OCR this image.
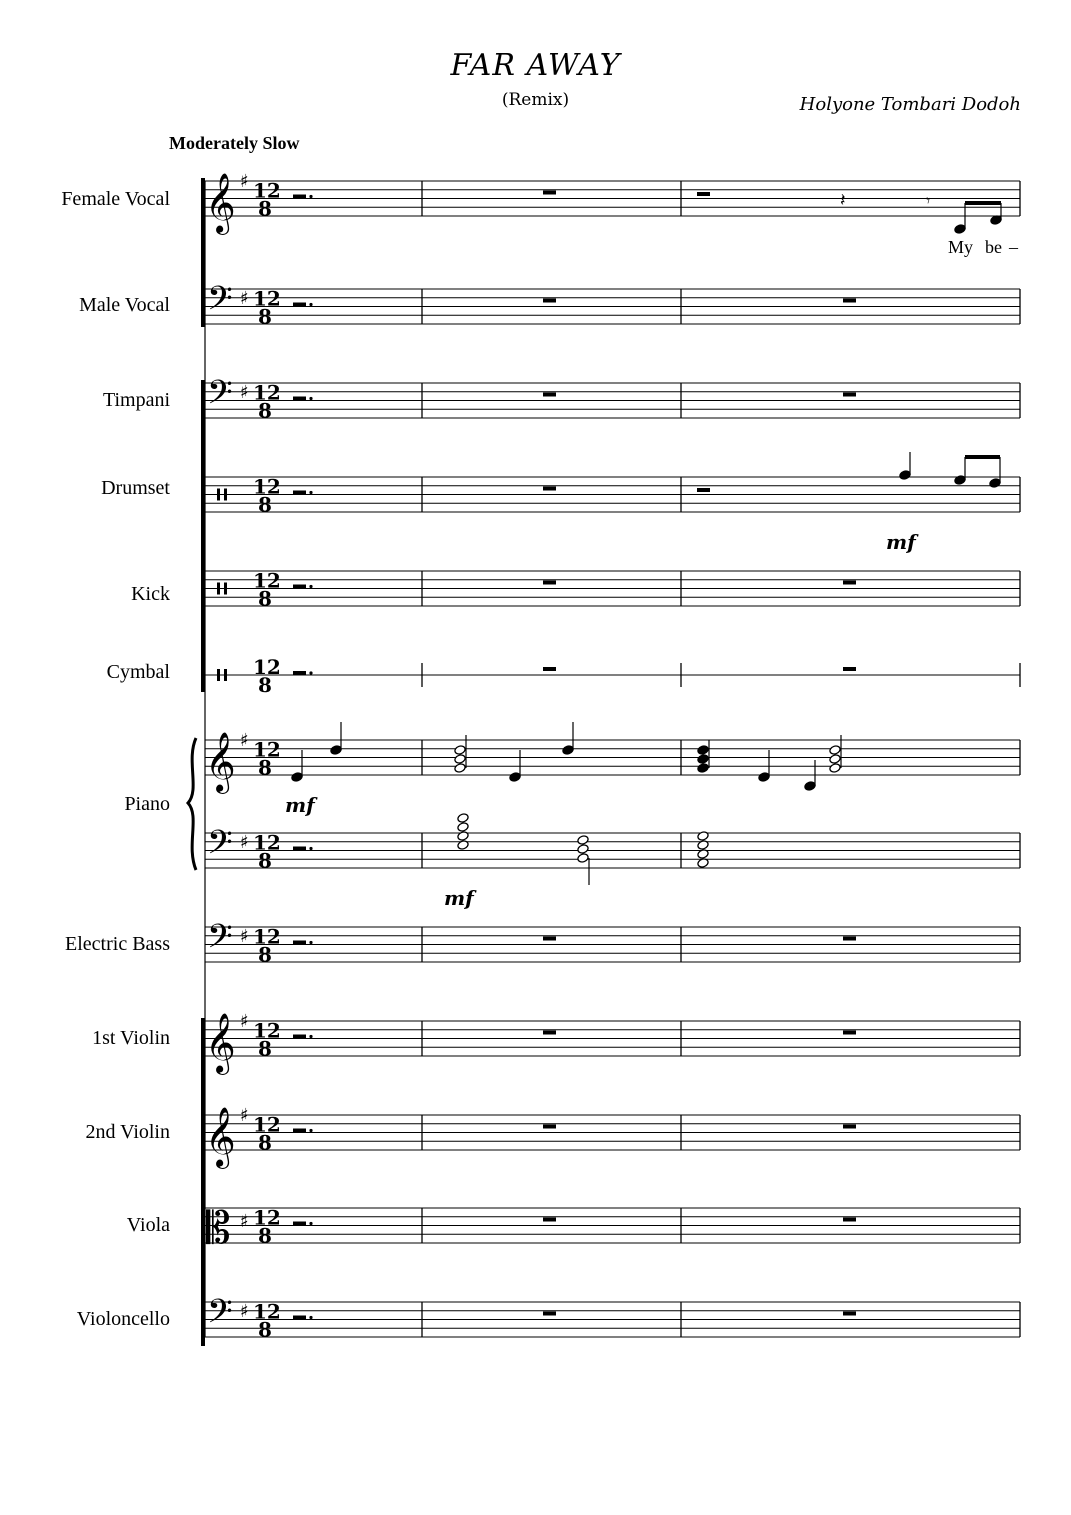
FAR AWAY
(Remix)	Holyone Tombari Dodoh
Moderately Slow
Female Vocal
Male Vocal
Timpani
Drumset
Kick
Cymbal
Piano
Electric Bass
1st Violin
2nd Violin
Viola
Violoncello
My be –
mf
mf
mf
𝄞
𝄢
𝄢
𝄞
𝄢
𝄢
𝄞
𝄞
𝄡
𝄢
♯ 12
8
♯ 12
8
♯ 12
8
12
8
12
8
12
8
♯ 12
8
♯ 12
8
♯ 12
8
♯ 12
8
♯ 12
8
♯ 12
8
♯ 12
8
𝄾
𝄽
